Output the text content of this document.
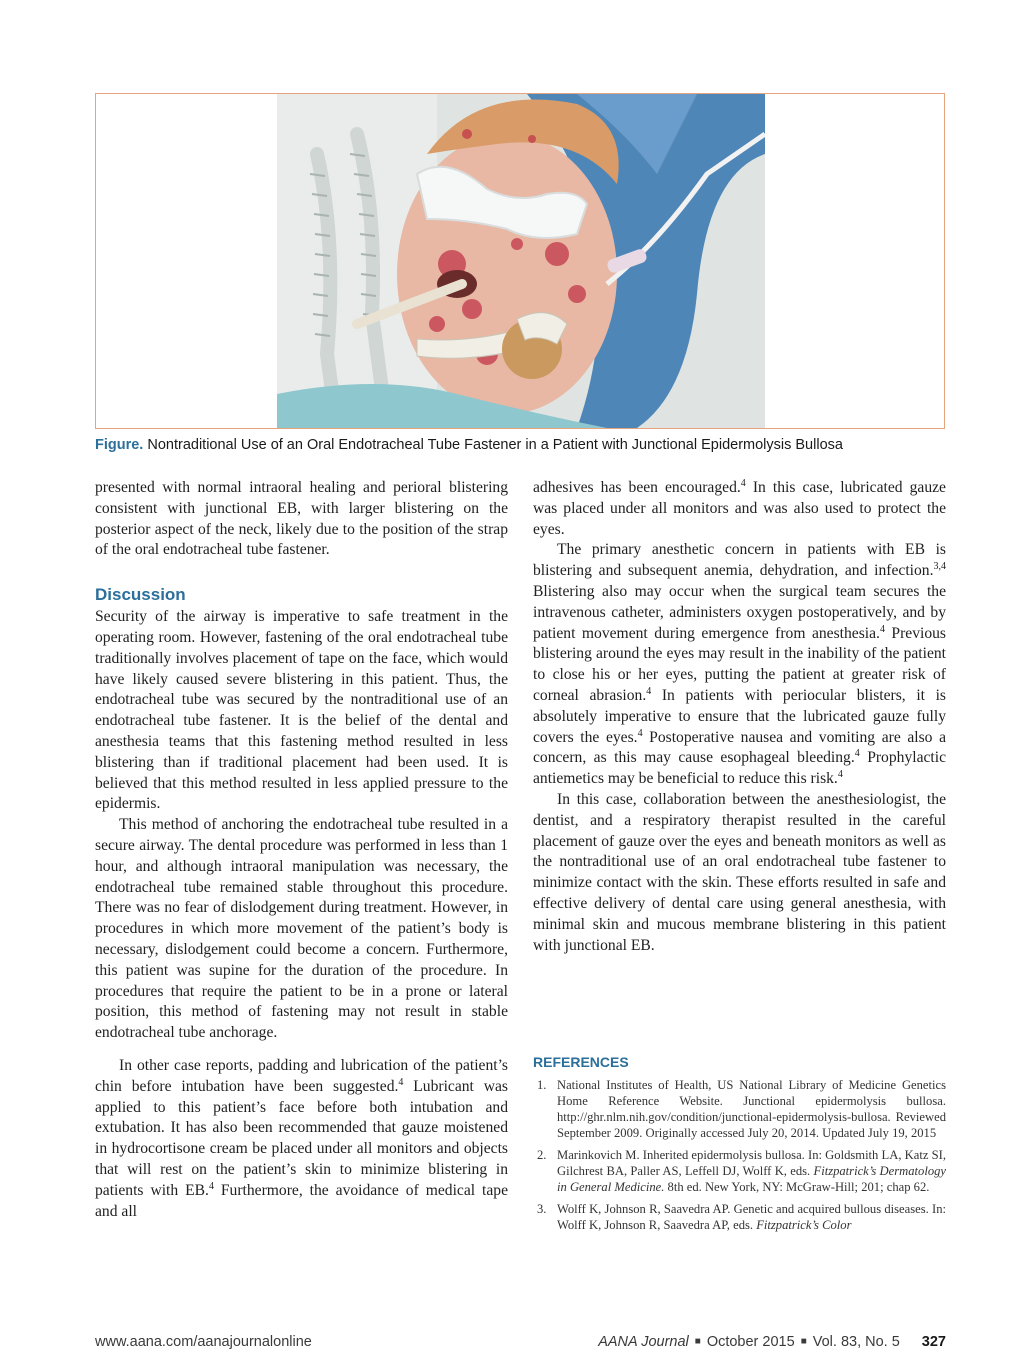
Figure. Nontraditional Use of an Oral Endotracheal Tube Fastener in a Patient with Junctional Epidermolysis Bullosa

presented with normal intraoral healing and perioral blistering consistent with junctional EB, with larger blistering on the posterior aspect of the neck, likely due to the position of the strap of the oral endotracheal tube fastener.

Discussion

Security of the airway is imperative to safe treatment in the operating room. However, fastening of the oral endotracheal tube traditionally involves placement of tape on the face, which would have likely caused severe blistering in this patient. Thus, the endotracheal tube was secured by the nontraditional use of an endotracheal tube fastener. It is the belief of the dental and anesthesia teams that this fastening method resulted in less blistering than if traditional placement had been used. It is believed that this method resulted in less applied pressure to the epidermis.

This method of anchoring the endotracheal tube resulted in a secure airway. The dental procedure was performed in less than 1 hour, and although intraoral manipulation was necessary, the endotracheal tube remained stable throughout this procedure. There was no fear of dislodgement during treatment. However, in procedures in which more movement of the patient’s body is necessary, dislodgement could become a concern. Furthermore, this patient was supine for the duration of the procedure. In procedures that require the patient to be in a prone or lateral position, this method of fastening may not result in stable endotracheal tube anchorage.

In other case reports, padding and lubrication of the patient’s chin before intubation have been suggested.$^4$ Lubricant was applied to this patient’s face before both intubation and extubation. It has also been recommended that gauze moistened in hydrocortisone cream be placed under all monitors and objects that will rest on the patient’s skin to minimize blistering in patients with EB.$^4$ Furthermore, the avoidance of medical tape and all

adhesives has been encouraged.$^4$ In this case, lubricated gauze was placed under all monitors and was also used to protect the eyes.

The primary anesthetic concern in patients with EB is blistering and subsequent anemia, dehydration, and infection.$^{3,4}$ Blistering also may occur when the surgical team secures the intravenous catheter, administers oxygen postoperatively, and by patient movement during emergence from anesthesia.$^4$ Previous blistering around the eyes may result in the inability of the patient to close his or her eyes, putting the patient at greater risk of corneal abrasion.$^4$ In patients with periocular blisters, it is absolutely imperative to ensure that the lubricated gauze fully covers the eyes.$^4$ Postoperative nausea and vomiting are also a concern, as this may cause esophageal bleeding.$^4$ Prophylactic antiemetics may be beneficial to reduce this risk.$^4$

In this case, collaboration between the anesthesiologist, the dentist, and a respiratory therapist resulted in the careful placement of gauze over the eyes and beneath monitors as well as the nontraditional use of an oral endotracheal tube fastener to minimize contact with the skin. These efforts resulted in safe and effective delivery of dental care using general anesthesia, with minimal skin and mucous membrane blistering in this patient with junctional EB.

REFERENCES
1. National Institutes of Health, US National Library of Medicine Genetics Home Reference Website. Junctional epidermolysis bullosa. http://ghr.nlm.nih.gov/condition/junctional-epidermolysis-bullosa. Reviewed September 2009. Originally accessed July 20, 2014. Updated July 19, 2015
2. Marinkovich M. Inherited epidermolysis bullosa. In: Goldsmith LA, Katz SI, Gilchrest BA, Paller AS, Leffell DJ, Wolff K, eds. Fitzpatrick’s Dermatology in General Medicine. 8th ed. New York, NY: McGraw-Hill; 201; chap 62.
3. Wolff K, Johnson R, Saavedra AP. Genetic and acquired bullous diseases. In: Wolff K, Johnson R, Saavedra AP, eds. Fitzpatrick’s Color
www.aana.com/aanajournalonline	AANA Journal ■ October 2015 ■ Vol. 83, No. 5 327
